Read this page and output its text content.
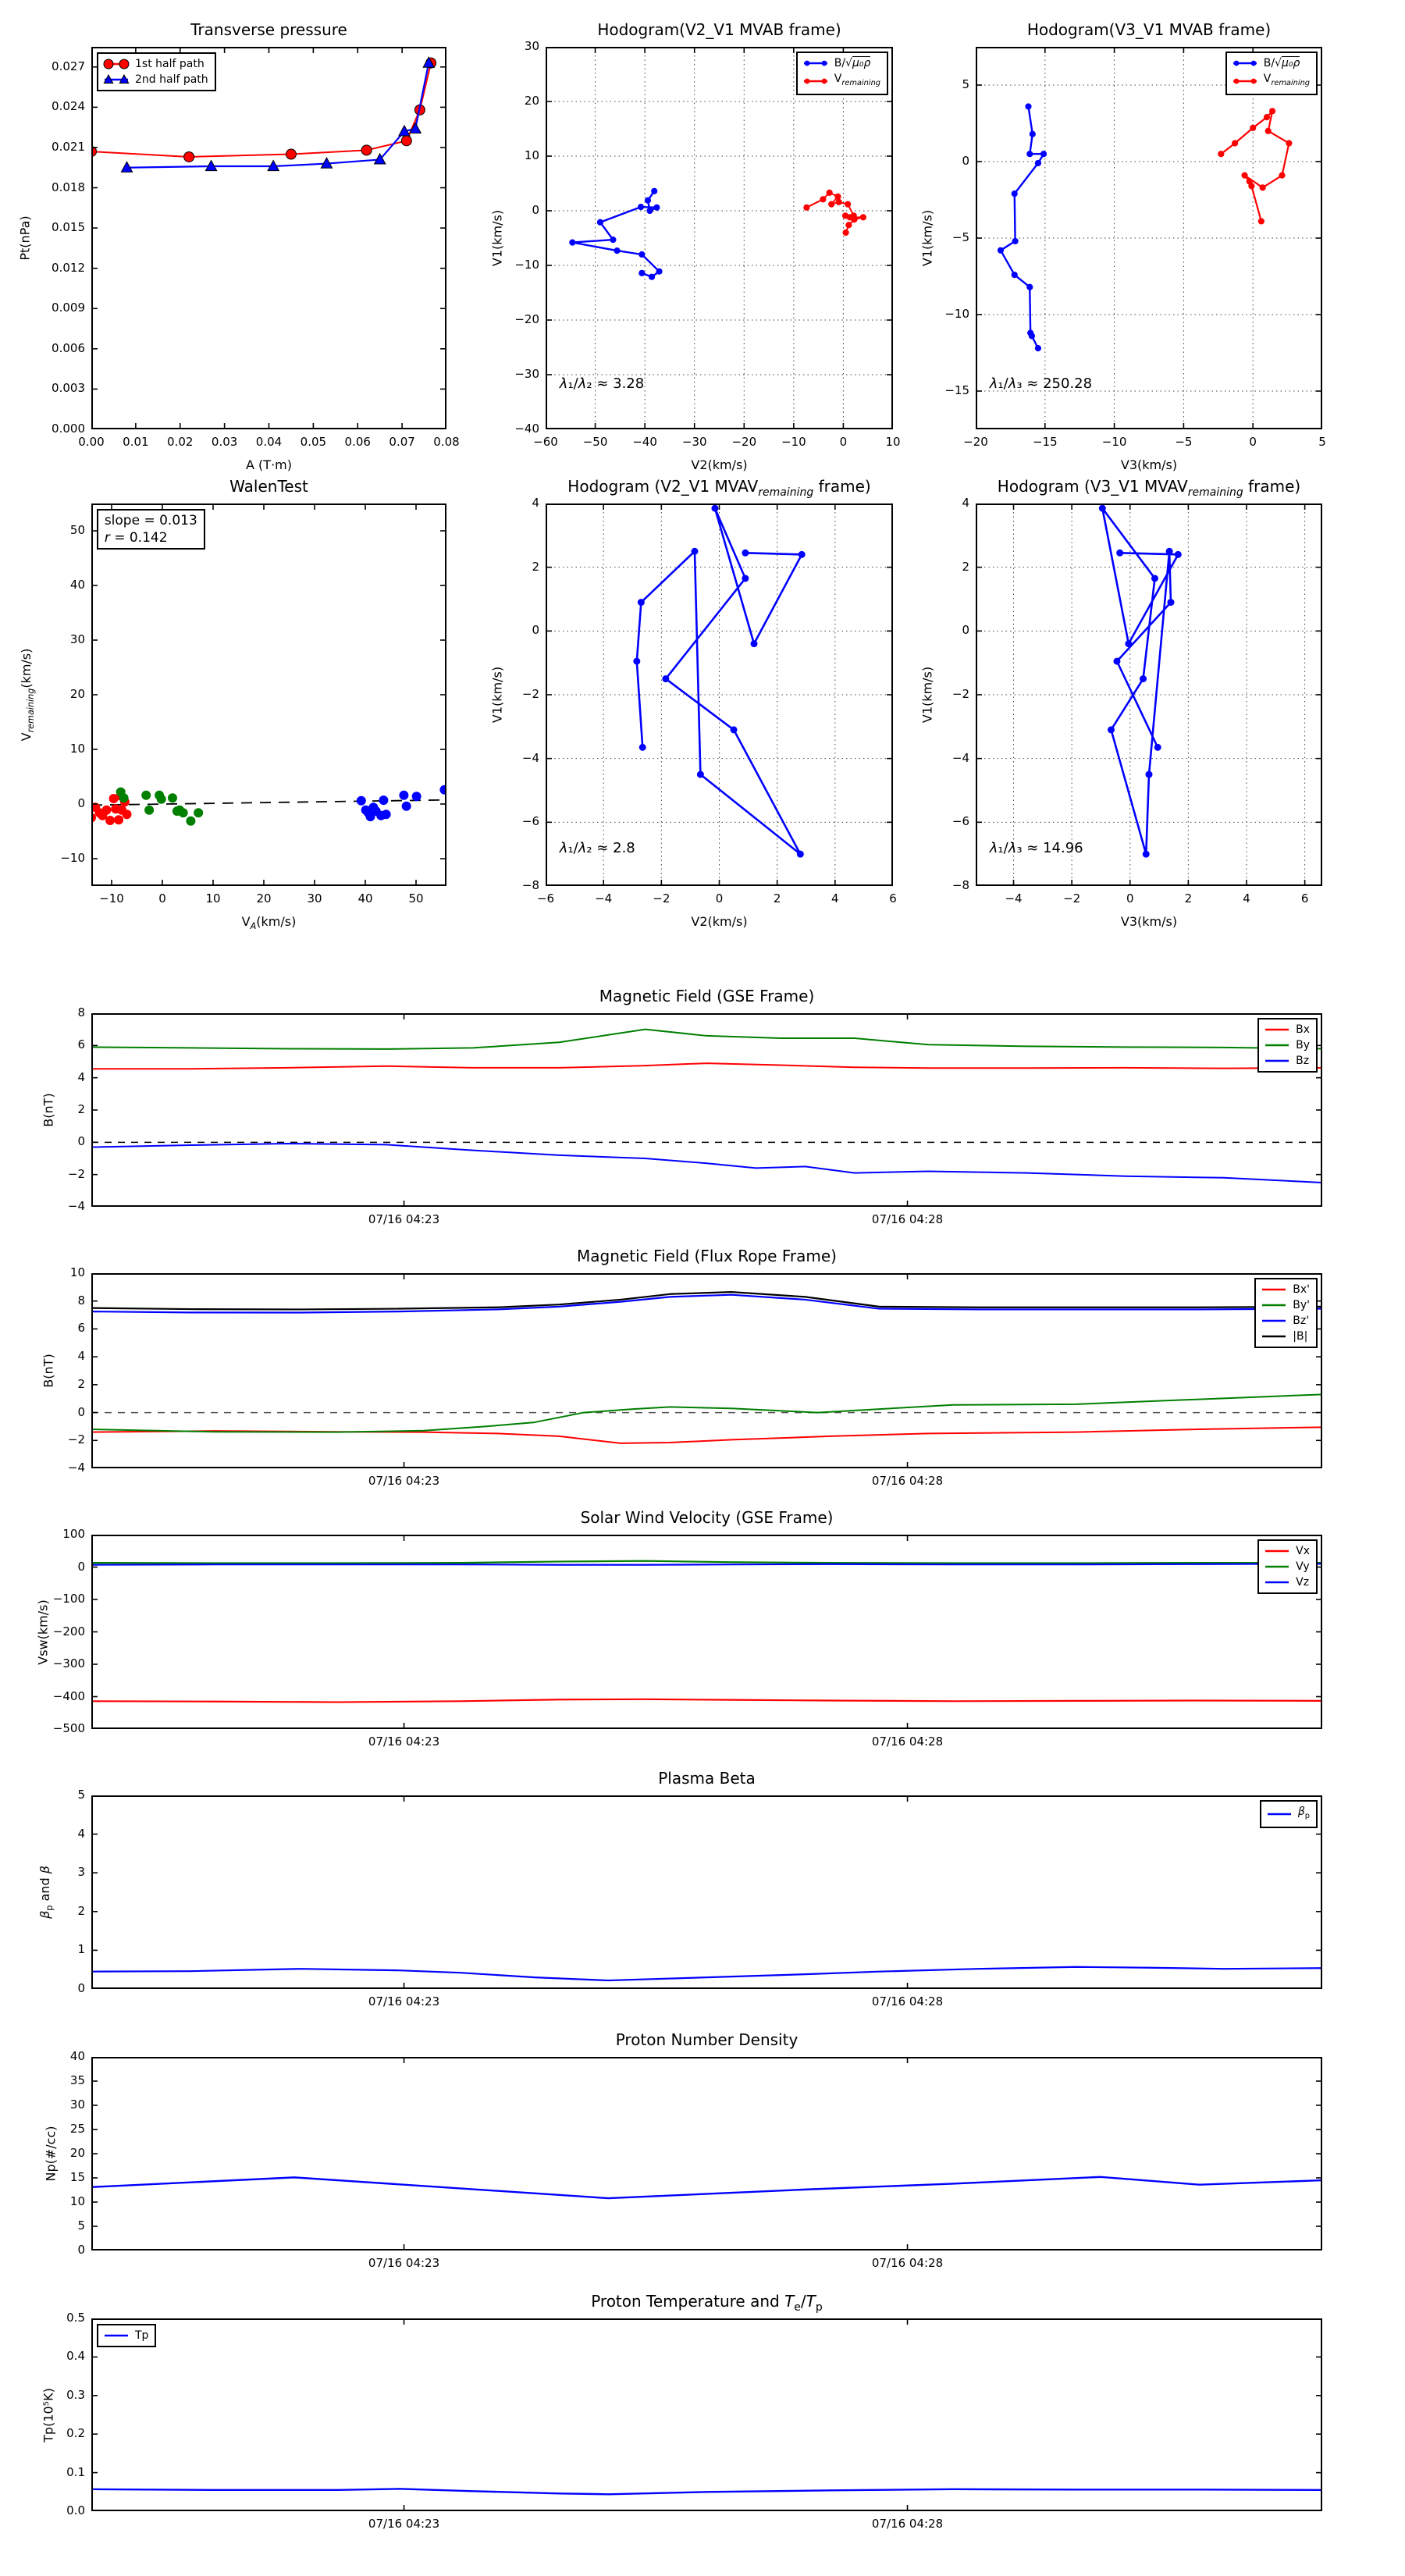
0.00	0.01	0.02	0.03	0.04	0.05	0.06	0.07	0.08
0.000
0.003
0.006
0.009
0.012
0.015
0.018
0.021
0.024
0.027
Transverse pressure
A (T·m)
Pt(nPa)
1st half path
2nd half path
−60	−50	−40	−30	−20	−10	0	10
−40
−30
−20
−10
0
10
20
30
Hodogram(V2_V1 MVAB frame)
V2(km/s)
V1(km/s)
B/√μ₀ρ
$V_{remaining}$
λ₁/λ₂ ≈ 3.28
−20	−15	−10	−5	0	5
−15
−10
−5
0
5
Hodogram(V3_V1 MVAB frame)
V3(km/s)
V1(km/s)
B/√μ₀ρ
$V_{remaining}$
λ₁/λ₃ ≈ 250.28
−10	0	10	20	30	40	50
−10
0
10
20
30
40
50
WalenTest
$V_A(km/s)$
$V_{remaining}(km/s)$
slope = 0.013
r = 0.142
−6	−4	−2	0	2	4	6
−8
−6
−4
−2
0
2
4
Hodogram (V2_V1 $MVAV_{remaining}$ frame)
V2(km/s)
V1(km/s)
λ₁/λ₂ ≈ 2.8
−4	−2	0	2	4	6
−8
−6
−4
−2
0
2
4
Hodogram (V3_V1 $MVAV_{remaining}$ frame)
V3(km/s)
V1(km/s)
λ₁/λ₃ ≈ 14.96
07/16 04:23	07/16 04:28
−4
−2
0
2
4
6
8
Magnetic Field (GSE Frame)
B(nT)
Bx
By
Bz
07/16 04:23	07/16 04:28
−4
−2
0
2
4
6
8
10
Magnetic Field (Flux Rope Frame)
B(nT)
Bx'
By'
Bz'
|B|
07/16 04:23	07/16 04:28
−500
−400
−300
−200
−100
0
100
Solar Wind Velocity (GSE Frame)
Vsw(km/s)
Vx
Vy
Vz
07/16 04:23	07/16 04:28
0
1
2
3
4
5
Plasma Beta
$\beta_p$ and β
$\beta_p$
07/16 04:23	07/16 04:28
0
5
10
15
20
25
30
35
40
Proton Number Density
Np(#/cc)
07/16 04:23	07/16 04:28
0.0
0.1
0.2
0.3
0.4
0.5
Proton Temperature and $T_e/T_p$
Tp(10⁵K)
Tp
